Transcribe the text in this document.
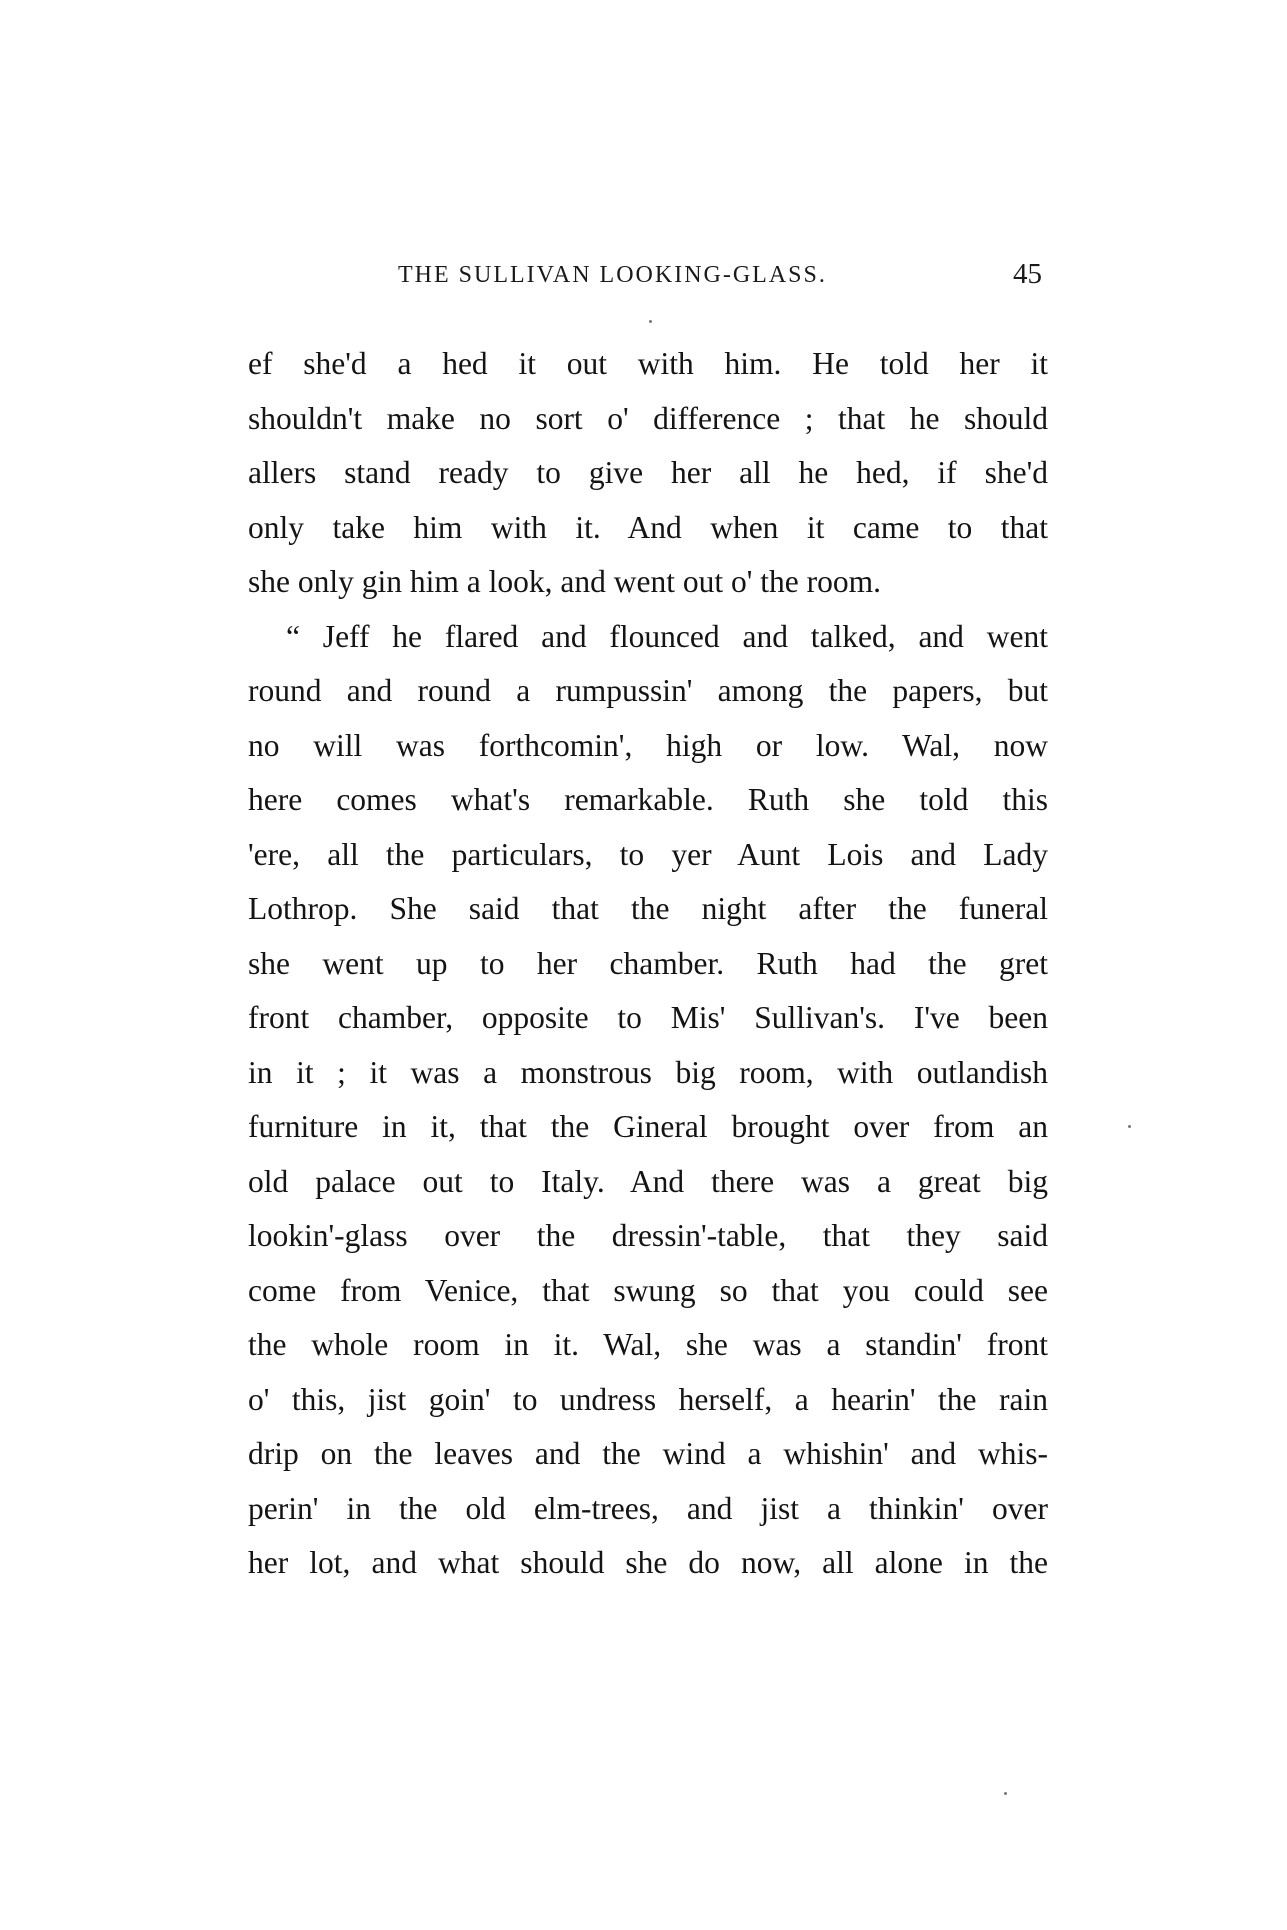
THE SULLIVAN LOOKING-GLASS.	45
ef she'd a hed it out with him. He told her it
shouldn't make no sort o' difference ; that he should
allers stand ready to give her all he hed, if she'd
only take him with it. And when it came to that
she only gin him a look, and went out o' the room.
“ Jeff he flared and flounced and talked, and went
round and round a rumpussin' among the papers, but
no will was forthcomin', high or low. Wal, now
here comes what's remarkable. Ruth she told this
'ere, all the particulars, to yer Aunt Lois and Lady
Lothrop. She said that the night after the funeral
she went up to her chamber. Ruth had the gret
front chamber, opposite to Mis' Sullivan's. I've been
in it ; it was a monstrous big room, with outlandish
furniture in it, that the Gineral brought over from an
old palace out to Italy. And there was a great big
lookin'-glass over the dressin'-table, that they said
come from Venice, that swung so that you could see
the whole room in it. Wal, she was a standin' front
o' this, jist goin' to undress herself, a hearin' the rain
drip on the leaves and the wind a whishin' and whis-
perin' in the old elm-trees, and jist a thinkin' over
her lot, and what should she do now, all alone in the
